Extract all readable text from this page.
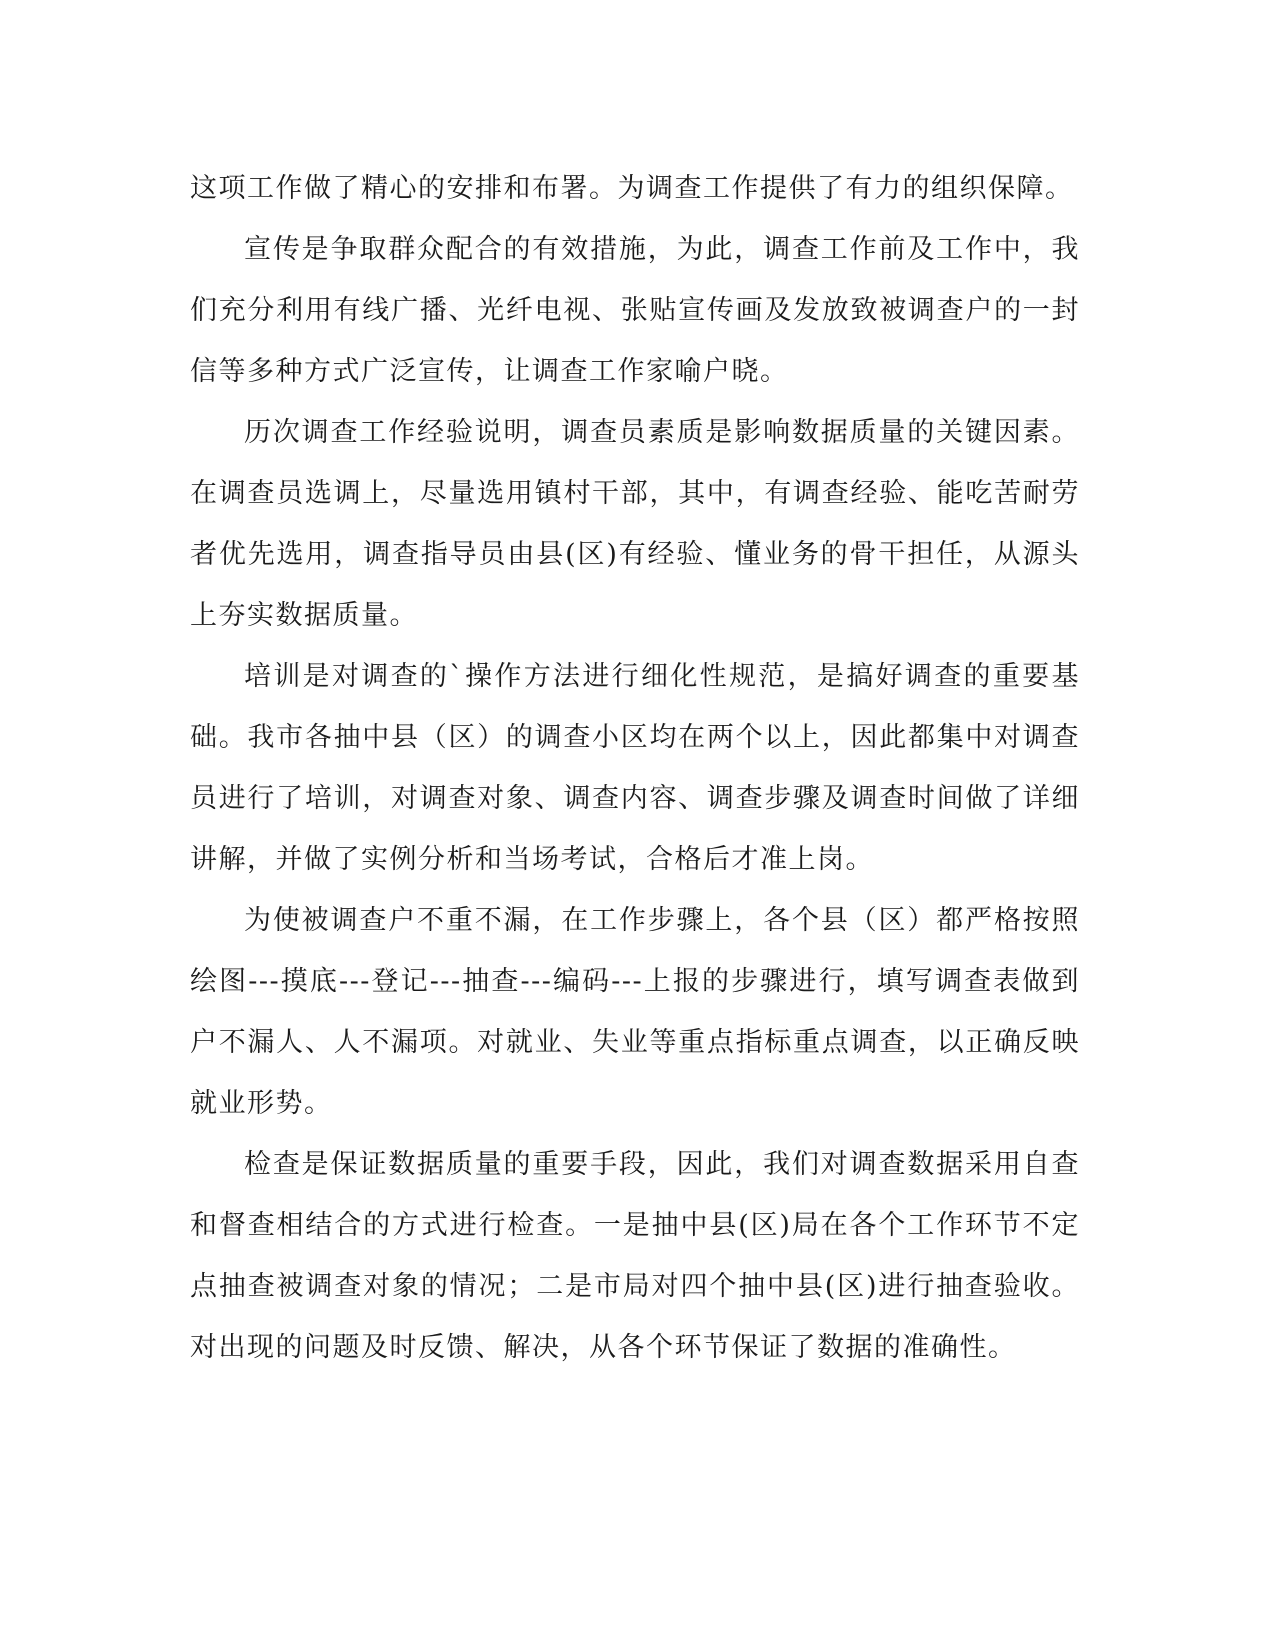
这项工作做了精心的安排和布署。为调查工作提供了有力的组织保障。

宣传是争取群众配合的有效措施，为此，调查工作前及工作中，我们充分利用有线广播、光纤电视、张贴宣传画及发放致被调查户的一封信等多种方式广泛宣传，让调查工作家喻户晓。

历次调查工作经验说明，调查员素质是影响数据质量的关键因素。在调查员选调上，尽量选用镇村干部，其中，有调查经验、能吃苦耐劳者优先选用，调查指导员由县(区)有经验、懂业务的骨干担任，从源头上夯实数据质量。

培训是对调查的`操作方法进行细化性规范，是搞好调查的重要基础。我市各抽中县（区）的调查小区均在两个以上，因此都集中对调查员进行了培训，对调查对象、调查内容、调查步骤及调查时间做了详细讲解，并做了实例分析和当场考试，合格后才准上岗。

为使被调查户不重不漏，在工作步骤上，各个县（区）都严格按照绘图---摸底---登记---抽查---编码---上报的步骤进行，填写调查表做到户不漏人、人不漏项。对就业、失业等重点指标重点调查，以正确反映就业形势。

检查是保证数据质量的重要手段，因此，我们对调查数据采用自查和督查相结合的方式进行检查。一是抽中县(区)局在各个工作环节不定点抽查被调查对象的情况；二是市局对四个抽中县(区)进行抽查验收。对出现的问题及时反馈、解决，从各个环节保证了数据的准确性。
